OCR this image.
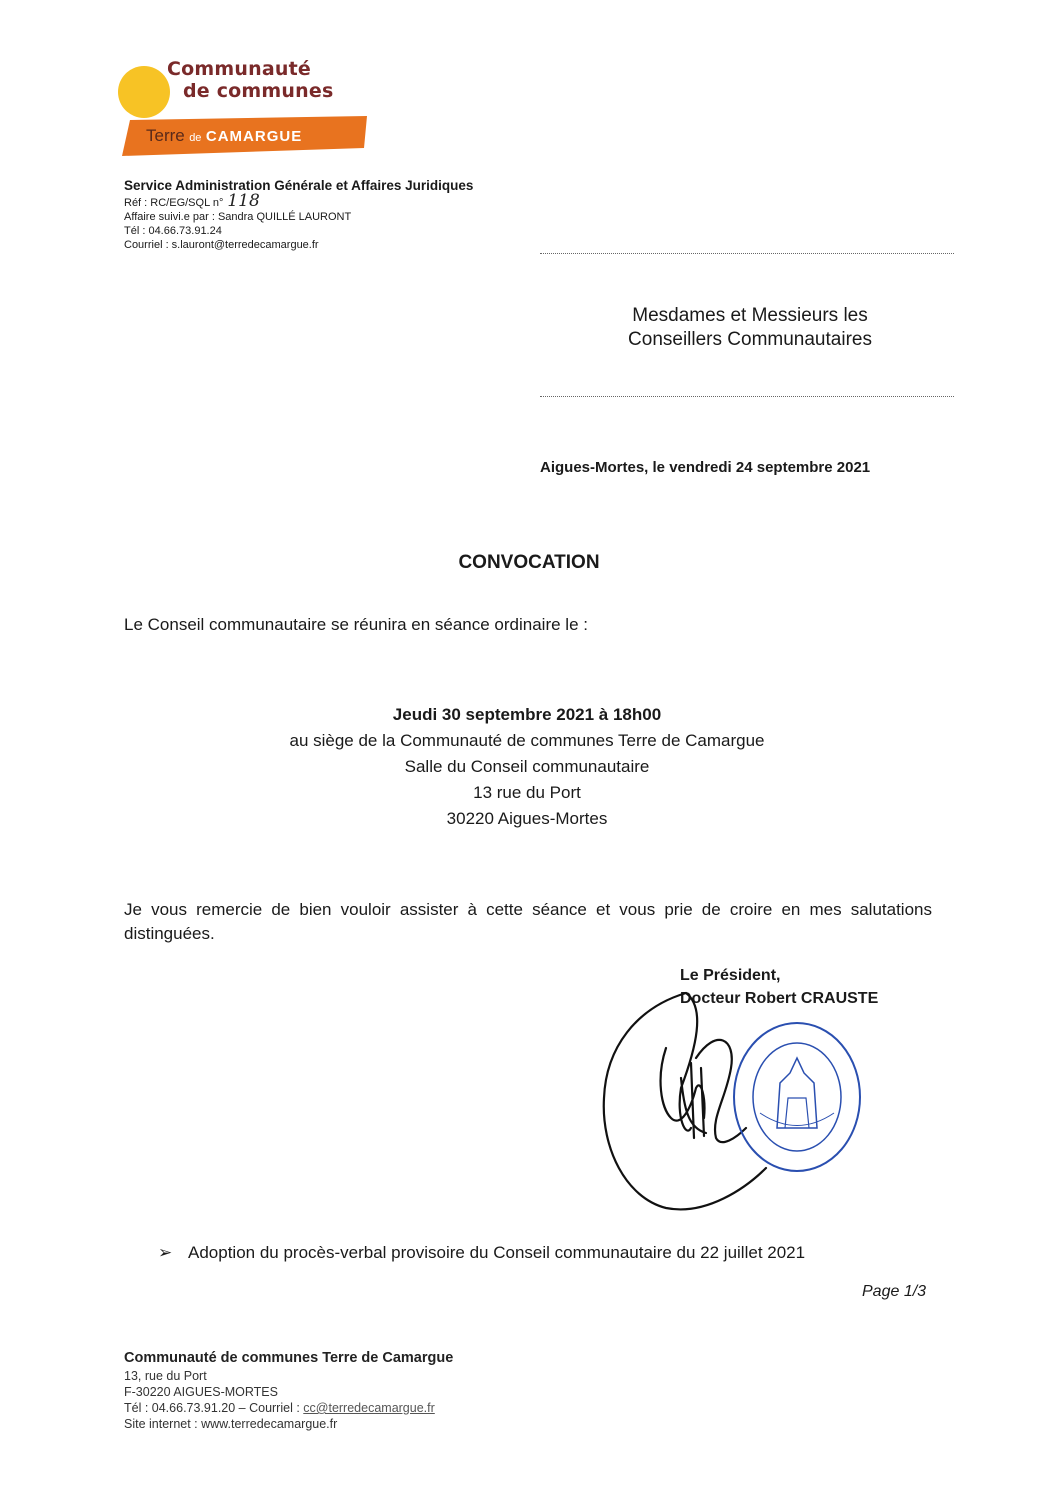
Communauté
de communes
Terre de CAMARGUE
Service Administration Générale et Affaires Juridiques
Réf : RC/EG/SQL n° 118
Affaire suivi.e par : Sandra QUILLÉ LAURONT
Tél : 04.66.73.91.24
Courriel : s.lauront@terredecamargue.fr
Mesdames et Messieurs les
Conseillers Communautaires
Aigues-Mortes, le vendredi 24 septembre 2021
CONVOCATION
Le Conseil communautaire se réunira en séance ordinaire le :
Jeudi 30 septembre 2021 à 18h00
au siège de la Communauté de communes Terre de Camargue
Salle du Conseil communautaire
13 rue du Port
30220 Aigues-Mortes
Je vous remercie de bien vouloir assister à cette séance et vous prie de croire en mes salutations distinguées.
Le Président,
Docteur Robert CRAUSTE
➢ Adoption du procès-verbal provisoire du Conseil communautaire du 22 juillet 2021
Page 1/3
Communauté de communes Terre de Camargue
13, rue du Port
F-30220 AIGUES-MORTES
Tél : 04.66.73.91.20 – Courriel : cc@terredecamargue.fr
Site internet : www.terredecamargue.fr
